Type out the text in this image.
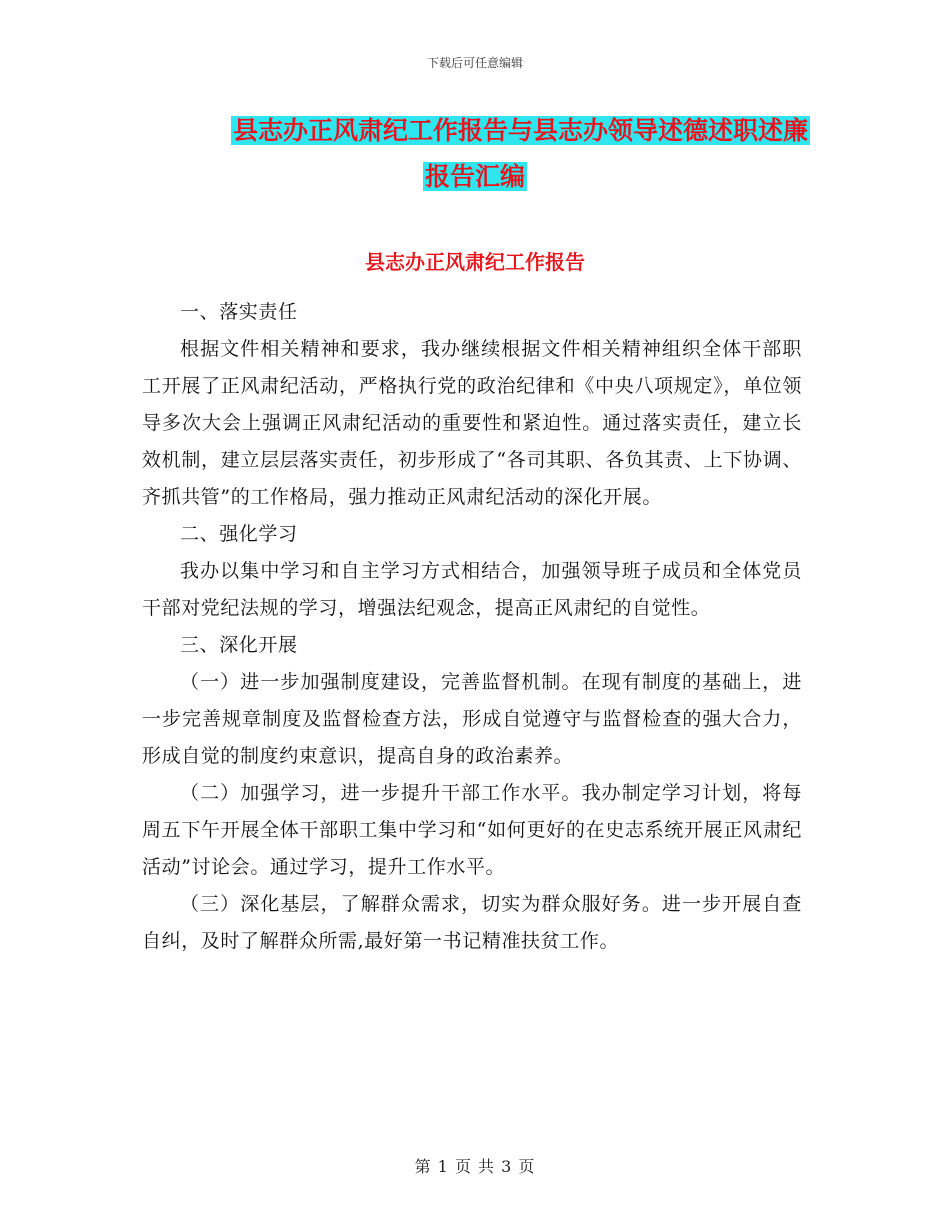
下载后可任意编辑
县志办正风肃纪工作报告与县志办领导述德述职述廉
报告汇编
县志办正风肃纪工作报告

一、落实责任

根据文件相关精神和要求，我办继续根据文件相关精神组织全体干部职工开展了正风肃纪活动，严格执行党的政治纪律和《中央八项规定》，单位领导多次大会上强调正风肃纪活动的重要性和紧迫性。通过落实责任，建立长效机制，建立层层落实责任，初步形成了“各司其职、各负其责、上下协调、齐抓共管”的工作格局，强力推动正风肃纪活动的深化开展。

二、强化学习

我办以集中学习和自主学习方式相结合，加强领导班子成员和全体党员干部对党纪法规的学习，增强法纪观念，提高正风肃纪的自觉性。

三、深化开展

（一）进一步加强制度建设，完善监督机制。在现有制度的基础上，进一步完善规章制度及监督检查方法，形成自觉遵守与监督检查的强大合力，形成自觉的制度约束意识，提高自身的政治素养。

（二）加强学习，进一步提升干部工作水平。我办制定学习计划，将每周五下午开展全体干部职工集中学习和“如何更好的在史志系统开展正风肃纪活动”讨论会。通过学习，提升工作水平。

（三）深化基层，了解群众需求，切实为群众服好务。进一步开展自查自纠，及时了解群众所需,最好第一书记精准扶贫工作。

第 1 页 共 3 页
